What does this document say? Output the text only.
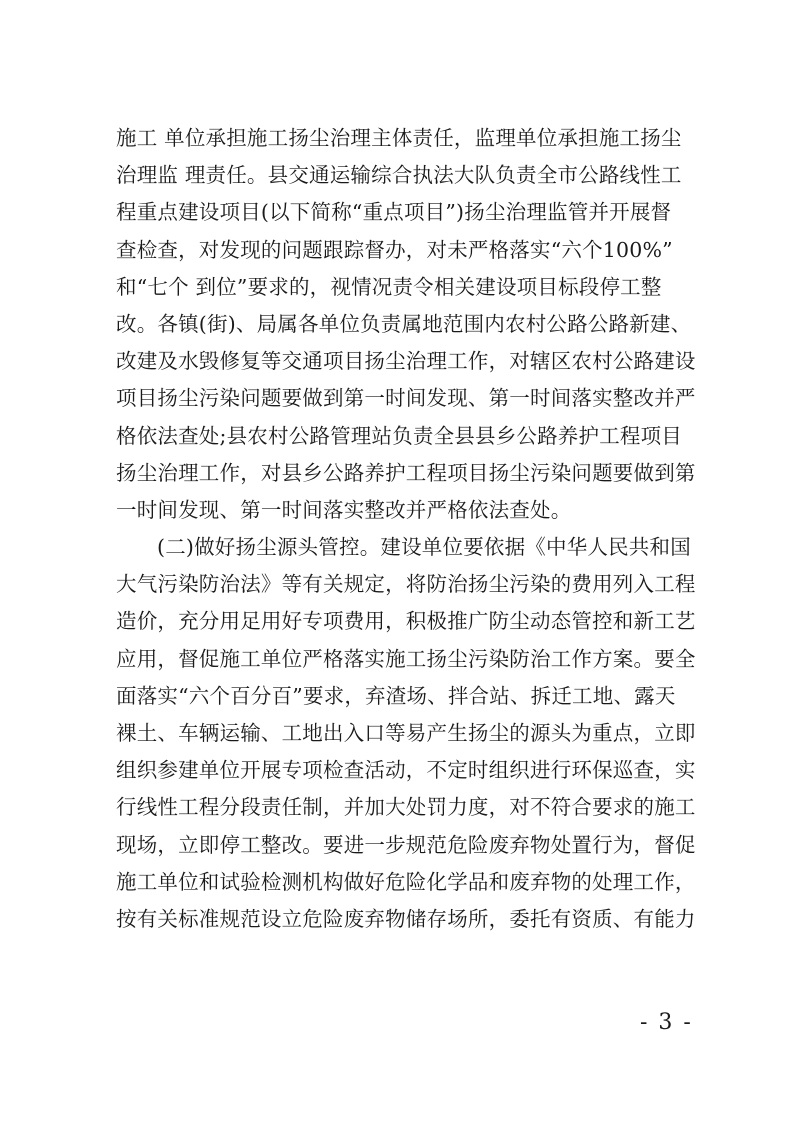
施工 单位承担施工扬尘治理主体责任，监理单位承担施工扬尘
治理监 理责任。县交通运输综合执法大队负责全市公路线性工
程重点建设项目(以下简称“重点项目”)扬尘治理监管并开展督
查检查，对发现的问题跟踪督办，对未严格落实“六个100%”
和“七个 到位”要求的，视情况责令相关建设项目标段停工整
改。各镇(街)、局属各单位负责属地范围内农村公路公路新建、
改建及水毁修复等交通项目扬尘治理工作，对辖区农村公路建设
项目扬尘污染问题要做到第一时间发现、第一时间落实整改并严
格依法查处;县农村公路管理站负责全县县乡公路养护工程项目
扬尘治理工作，对县乡公路养护工程项目扬尘污染问题要做到第
一时间发现、第一时间落实整改并严格依法查处。
(二)做好扬尘源头管控。建设单位要依据《中华人民共和国
大气污染防治法》等有关规定，将防治扬尘污染的费用列入工程
造价，充分用足用好专项费用，积极推广防尘动态管控和新工艺
应用，督促施工单位严格落实施工扬尘污染防治工作方案。要全
面落实“六个百分百”要求，弃渣场、拌合站、拆迁工地、露天
裸土、车辆运输、工地出入口等易产生扬尘的源头为重点，立即
组织参建单位开展专项检查活动，不定时组织进行环保巡查，实
行线性工程分段责任制，并加大处罚力度，对不符合要求的施工
现场，立即停工整改。要进一步规范危险废弃物处置行为，督促
施工单位和试验检测机构做好危险化学品和废弃物的处理工作，
按有关标准规范设立危险废弃物储存场所，委托有资质、有能力
- 3 -
